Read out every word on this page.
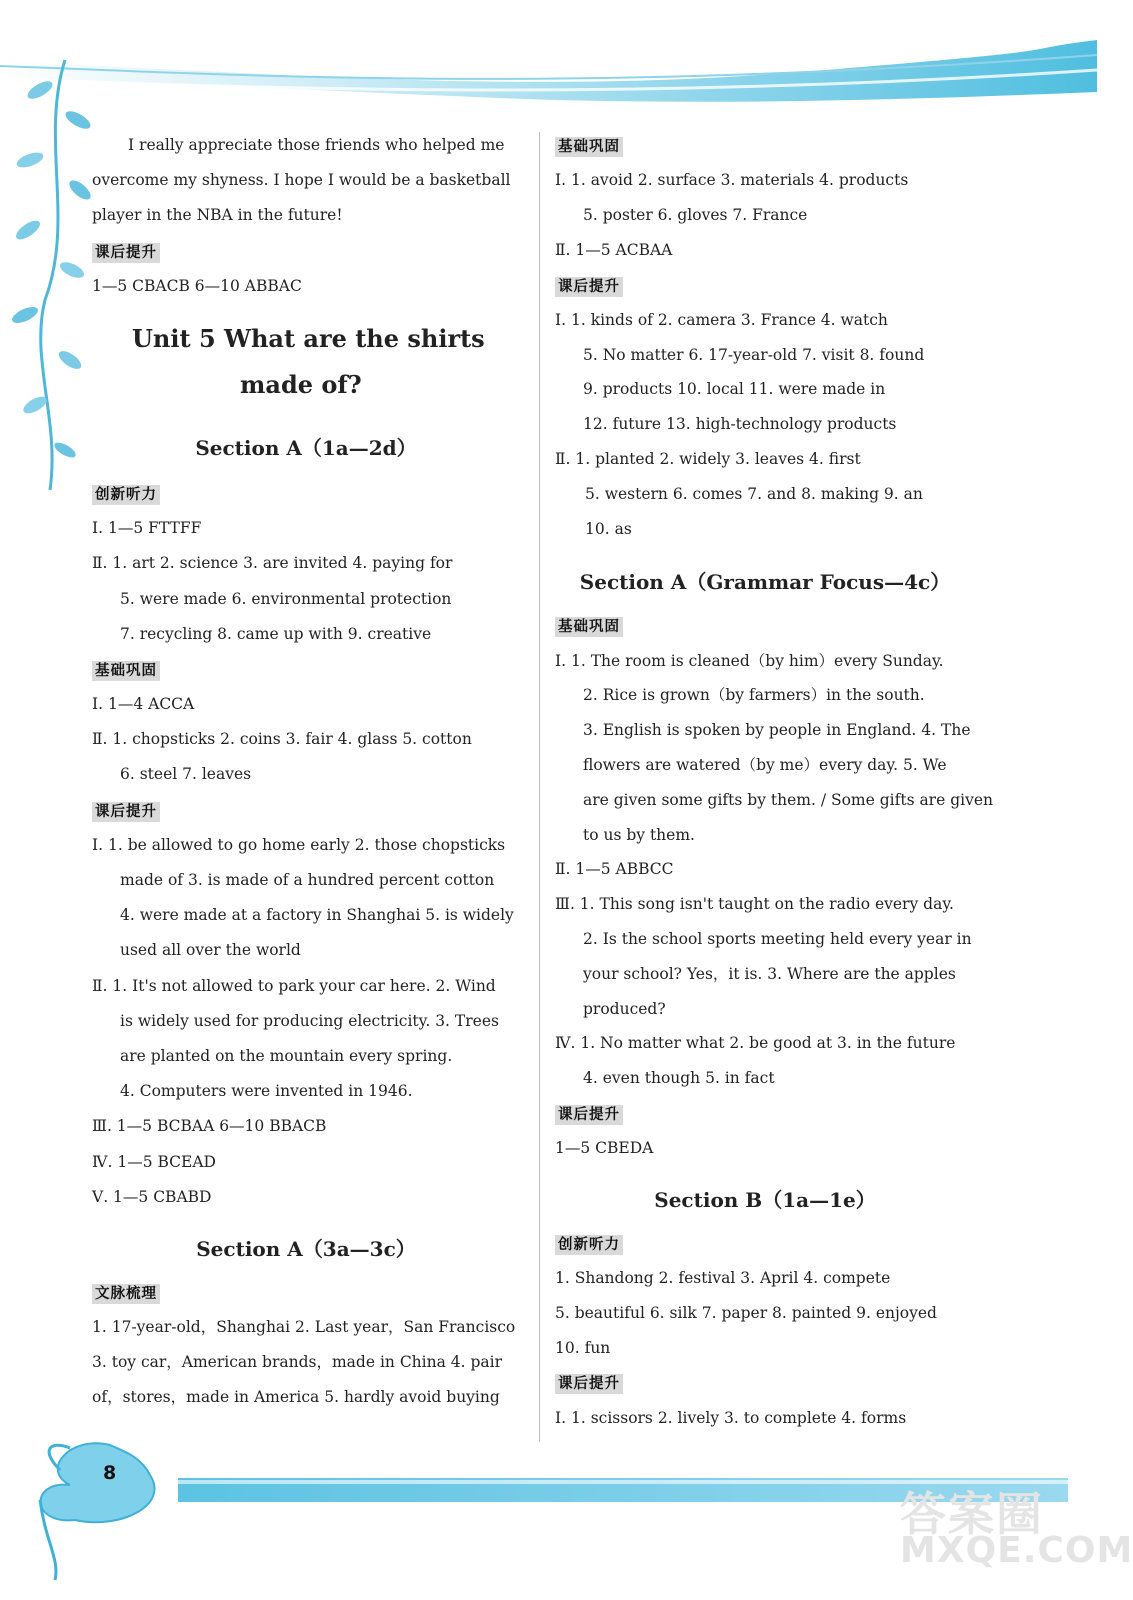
I really appreciate those friends who helped me
overcome my shyness. I hope I would be a basketball
player in the NBA in the future!
课后提升
1—5 CBACB 6—10 ABBAC
Unit 5 What are the shirts
made of?
Section A（1a—2d）
创新听力
Ⅰ. 1—5 FTTFF
Ⅱ. 1. art 2. science 3. are invited 4. paying for
5. were made 6. environmental protection
7. recycling 8. came up with 9. creative
基础巩固
Ⅰ. 1—4 ACCA
Ⅱ. 1. chopsticks 2. coins 3. fair 4. glass 5. cotton
6. steel 7. leaves
课后提升
Ⅰ. 1. be allowed to go home early 2. those chopsticks
made of 3. is made of a hundred percent cotton
4. were made at a factory in Shanghai 5. is widely
used all over the world
Ⅱ. 1. It's not allowed to park your car here. 2. Wind
is widely used for producing electricity. 3. Trees
are planted on the mountain every spring.
4. Computers were invented in 1946.
Ⅲ. 1—5 BCBAA 6—10 BBACB
Ⅳ. 1—5 BCEAD
Ⅴ. 1—5 CBABD
Section A（3a—3c）
文脉梳理
1. 17-year-old，Shanghai 2. Last year，San Francisco
3. toy car，American brands，made in China 4. pair
of，stores，made in America 5. hardly avoid buying
基础巩固
Ⅰ. 1. avoid 2. surface 3. materials 4. products
5. poster 6. gloves 7. France
Ⅱ. 1—5 ACBAA
课后提升
Ⅰ. 1. kinds of 2. camera 3. France 4. watch
5. No matter 6. 17-year-old 7. visit 8. found
9. products 10. local 11. were made in
12. future 13. high-technology products
Ⅱ. 1. planted 2. widely 3. leaves 4. first
5. western 6. comes 7. and 8. making 9. an
10. as
Section A（Grammar Focus—4c）
基础巩固
Ⅰ. 1. The room is cleaned（by him）every Sunday.
2. Rice is grown（by farmers）in the south.
3. English is spoken by people in England. 4. The
flowers are watered（by me）every day. 5. We
are given some gifts by them. / Some gifts are given
to us by them.
Ⅱ. 1—5 ABBCC
Ⅲ. 1. This song isn't taught on the radio every day.
2. Is the school sports meeting held every year in
your school? Yes，it is. 3. Where are the apples
produced?
Ⅳ. 1. No matter what 2. be good at 3. in the future
4. even though 5. in fact
课后提升
1—5 CBEDA
Section B（1a—1e）
创新听力
1. Shandong 2. festival 3. April 4. compete
5. beautiful 6. silk 7. paper 8. painted 9. enjoyed
10. fun
课后提升
Ⅰ. 1. scissors 2. lively 3. to complete 4. forms
8
答案圈
MXQE.COM
